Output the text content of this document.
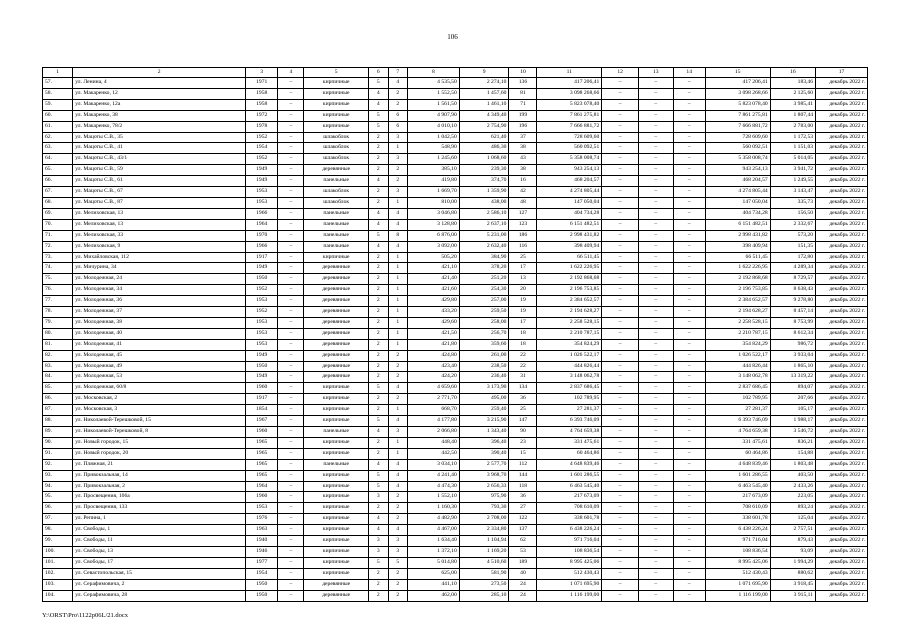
106
1	2	3	4	5	6	7	8	9	10	11	12	13	14	15	16	17
57.	ул. Ленина, 4	1971	–	кирпичные	5	4	4 535,50	2 274,10	136	417 206,41	–	–	–	417 206,41	183,46	декабрь 2022 г.
58.	ул. Макаренко, 12	1958	–	кирпичные	4	2	1 552,50	1 457,60	81	3 098 268,66	–	–	–	3 098 268,66	2 125,60	декабрь 2022 г.
59.	ул. Макаренко, 12а	1958	–	кирпичные	4	2	1 561,50	1 461,10	71	5 823 078,40	–	–	–	5 823 078,40	3 985,41	декабрь 2022 г.
60.	ул. Макаренко, 38	1972	–	кирпичные	5	6	4 907,90	4 349,40	199	7 861 275,81	–	–	–	7 861 275,81	1 807,44	декабрь 2022 г.
61.	ул. Макаренко, 78/2	1978	–	кирпичные	5	6	4 010,10	2 754,90	196	7 666 881,72	–	–	–	7 666 881,72	2 783,00	декабрь 2022 г.
62.	ул. Мацоты С.В., 35	1952	–	шлакоблок	2	3	1 042,50	621,40	37	728 609,60	–	–	–	728 609,60	1 172,53	декабрь 2022 г.
63.	ул. Мацоты С.В., 41	1954	–	шлакоблок	2	1	548,90	486,30	38	560 092,51	–	–	–	560 092,51	1 151,03	декабрь 2022 г.
64.	ул. Мацоты С.В., 43/1	1952	–	шлакоблок	2	3	1 245,60	1 068,60	43	5 358 008,74	–	–	–	5 358 008,74	5 014,05	декабрь 2022 г.
65.	ул. Мацоты С.В., 59	1949	–	деревянные	2	2	385,10	239,30	38	943 254,13	–	–	–	943 254,13	3 941,72	декабрь 2022 г.
66.	ул. Мацоты С.В., 61	1949	–	панельные	4	2	419,80	374,70	16	468 204,57	–	–	–	468 204,57	1 249,55	декабрь 2022 г.
67.	ул. Мацоты С.В., 67	1953	–	шлакоблок	2	3	1 669,70	1 359,90	42	4 274 805,44	–	–	–	4 274 805,44	3 143,47	декабрь 2022 г.
68.	ул. Мацоты С.В., 87	1953	–	шлакоблок	2	1	810,00	438,00	48	147 050,04	–	–	–	147 050,04	335,73	декабрь 2022 г.
69.	ул. Мелиховская, 13	1966	–	панельные	4	4	3 046,80	2 586,10	127	404 734,28	–	–	–	404 734,28	156,50	декабрь 2022 г.
70.	ул. Мелиховская, 13	1964	–	панельные	4	4	3 128,80	2 637,10	123	6 151 482,51	–	–	–	6 151 482,51	2 332,67	декабрь 2022 г.
71.	ул. Мелиховская, 33	1970	–	панельные	5	8	6 876,00	5 231,00	186	2 998 431,82	–	–	–	2 998 431,82	573,20	декабрь 2022 г.
72.	ул. Мелиховская, 9	1966	–	панельные	4	4	3 092,00	2 632,40	116	398 409,94	–	–	–	398 409,94	151,35	декабрь 2022 г.
73.	ул. Михайловская, 112	1917	–	кирпичные	2	1	505,20	384,90	25	66 511,45	–	–	–	66 511,45	172,80	декабрь 2022 г.
74.	ул. Мичурина, 34	1949	–	деревянные	2	1	421,10	378,20	17	1 622 226,95	–	–	–	1 622 226,95	4 289,34	декабрь 2022 г.
75.	ул. Молодежная, 24	1950	–	деревянные	2	1	421,40	251,20	13	2 192 868,68	–	–	–	2 192 868,68	8 729,57	декабрь 2022 г.
76.	ул. Молодежная, 34	1952	–	деревянные	2	1	421,60	254,30	20	2 196 753,85	–	–	–	2 196 753,85	8 638,43	декабрь 2022 г.
77.	ул. Молодежная, 36	1953	–	деревянные	2	1	429,80	257,00	19	2 384 652,57	–	–	–	2 384 652,57	9 278,80	декабрь 2022 г.
78.	ул. Молодежная, 37	1952	–	деревянные	2	1	433,20	259,50	19	2 194 628,27	–	–	–	2 194 628,27	8 457,14	декабрь 2022 г.
79.	ул. Молодежная, 38	1953	–	деревянные	2	1	429,60	258,00	17	2 258 528,15	–	–	–	2 258 528,15	8 753,99	декабрь 2022 г.
80.	ул. Молодежная, 40	1953	–	деревянные	2	1	421,50	256,70	18	2 210 787,15	–	–	–	2 210 787,15	8 612,34	декабрь 2022 г.
81.	ул. Молодежная, 41	1953	–	деревянные	2	1	421,80	359,60	18	354 824,29	–	–	–	354 824,29	986,72	декабрь 2022 г.
82.	ул. Молодежная, 45	1949	–	деревянные	2	2	424,80	261,00	22	1 026 522,17	–	–	–	1 026 522,17	3 933,04	декабрь 2022 г.
83.	ул. Молодежная, 49	1950	–	деревянные	2	2	423,40	238,50	22	444 826,44	–	–	–	444 826,44	1 865,10	декабрь 2022 г.
84.	ул. Молодежная, 53	1949	–	деревянные	2	2	424,20	236,40	31	3 148 062,78	–	–	–	3 148 062,78	13 319,22	декабрь 2022 г.
85.	ул. Молодежная, 60/8	1960	–	кирпичные	5	4	4 659,60	3 173,90	134	2 837 686,45	–	–	–	2 837 686,45	894,07	декабрь 2022 г.
86.	ул. Московская, 2	1917	–	кирпичные	2	2	2 771,70	495,00	36	102 789,95	–	–	–	102 789,95	207,66	декабрь 2022 г.
87.	ул. Московская, 3	1854	–	кирпичные	2	1	668,70	259,40	25	27 281,37	–	–	–	27 281,37	105,17	декабрь 2022 г.
88.	ул. Николаевой-Терешковой, 15	1967	–	кирпичные	5	4	4 177,80	3 215,90	147	6 393 746,09	–	–	–	6 393 746,09	1 988,17	декабрь 2022 г.
89.	ул. Николаевой-Терешковой, 8	1960	–	панельные	4	3	2 066,80	1 343,40	90	4 764 659,38	–	–	–	4 764 659,38	3 546,72	декабрь 2022 г.
90.	ул. Новый городок, 15	1965	–	кирпичные	2	1	448,40	396,40	23	331 475,61	–	–	–	331 475,61	836,21	декабрь 2022 г.
91.	ул. Новый городок, 20	1965	–	кирпичные	2	1	442,50	390,40	15	60 464,86	–	–	–	60 464,86	154,88	декабрь 2022 г.
92.	ул. Пляжная, 21	1965	–	панельные	4	4	3 034,10	2 577,70	112	4 648 839,46	–	–	–	4 648 839,46	1 803,48	декабрь 2022 г.
93.	ул. Привокзальная, 14	1965	–	кирпичные	5	4	4 241,40	3 968,70	144	1 601 286,55	–	–	–	1 601 286,55	403,50	декабрь 2022 г.
94.	ул. Привокзальная, 2	1964	–	кирпичные	5	4	4 474,30	2 656,33	118	6 463 545,40	–	–	–	6 463 545,40	2 433,26	декабрь 2022 г.
95.	ул. Просвещения, 106а	1960	–	кирпичные	3	2	1 552,10	975,90	36	217 673,09	–	–	–	217 673,09	223,05	декабрь 2022 г.
96.	ул. Просвещения, 133	1953	–	кирпичные	2	2	1 160,30	793,30	27	708 610,09	–	–	–	708 610,09	893,24	декабрь 2022 г.
97.	ул. Репина, 1	1976	–	кирпичные	4	2	4 482,90	2 708,00	122	338 601,78	–	–	–	338 601,78	125,04	декабрь 2022 г.
98.	ул. Свободы, 1	1963	–	кирпичные	4	4	4 467,00	2 334,80	137	6 438 226,24	–	–	–	6 438 226,24	2 757,51	декабрь 2022 г.
99.	ул. Свободы, 11	1940	–	кирпичные	3	3	1 634,40	1 104,94	62	971 716,04	–	–	–	971 716,04	879,43	декабрь 2022 г.
100.	ул. Свободы, 13	1946	–	кирпичные	3	3	1 372,10	1 169,20	53	108 836,54	–	–	–	108 836,54	93,09	декабрь 2022 г.
101.	ул. Свободы, 17	1977	–	кирпичные	5	5	5 014,80	4 510,60	189	8 995 425,06	–	–	–	8 995 425,06	1 994,29	декабрь 2022 г.
102.	ул. Севастопольская, 15	1954	–	кирпичные	2	2	625,00	581,90	40	512 430,43	–	–	–	512 430,43	880,62	декабрь 2022 г.
103.	ул. Серафимовича, 2	1950	–	деревянные	2	2	441,10	273,50	24	1 071 695,90	–	–	–	1 071 695,90	3 918,45	декабрь 2022 г.
104.	ул. Серафимовича, 28	1950	–	деревянные	2	2	462,00	285,10	24	1 116 199,00	–	–	–	1 116 199,00	3 915,11	декабрь 2022 г.
Y:\ORST\Pro\1122p06L/21.docx
